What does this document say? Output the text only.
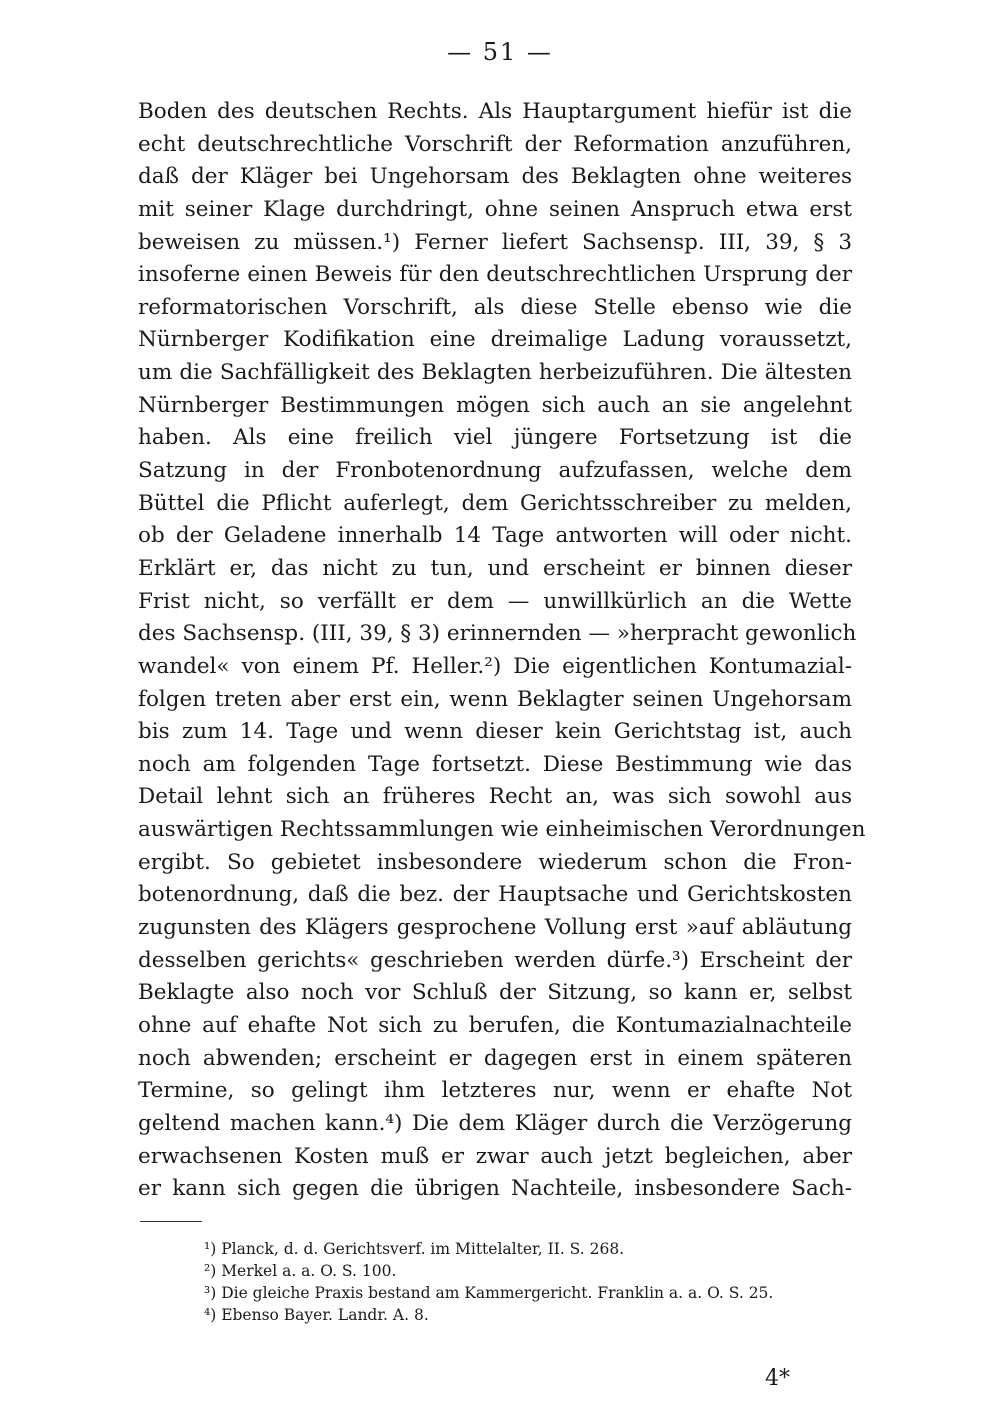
— 51 —
Boden des deutschen Rechts. Als Hauptargument hiefür ist die
echt deutschrechtliche Vorschrift der Reformation anzuführen,
daß der Kläger bei Ungehorsam des Beklagten ohne weiteres
mit seiner Klage durchdringt, ohne seinen Anspruch etwa erst
beweisen zu müssen.¹) Ferner liefert Sachsensp. III, 39, § 3
insoferne einen Beweis für den deutschrechtlichen Ursprung der
reformatorischen Vorschrift, als diese Stelle ebenso wie die
Nürnberger Kodifikation eine dreimalige Ladung voraussetzt,
um die Sachfälligkeit des Beklagten herbeizuführen. Die ältesten
Nürnberger Bestimmungen mögen sich auch an sie angelehnt
haben. Als eine freilich viel jüngere Fortsetzung ist die
Satzung in der Fronbotenordnung aufzufassen, welche dem
Büttel die Pflicht auferlegt, dem Gerichtsschreiber zu melden,
ob der Geladene innerhalb 14 Tage antworten will oder nicht.
Erklärt er, das nicht zu tun, und erscheint er binnen dieser
Frist nicht, so verfällt er dem — unwillkürlich an die Wette
des Sachsensp. (III, 39, § 3) erinnernden — »herpracht gewonlich
wandel« von einem Pf. Heller.²) Die eigentlichen Kontumazial-
folgen treten aber erst ein, wenn Beklagter seinen Ungehorsam
bis zum 14. Tage und wenn dieser kein Gerichtstag ist, auch
noch am folgenden Tage fortsetzt. Diese Bestimmung wie das
Detail lehnt sich an früheres Recht an, was sich sowohl aus
auswärtigen Rechtssammlungen wie einheimischen Verordnungen
ergibt. So gebietet insbesondere wiederum schon die Fron-
botenordnung, daß die bez. der Hauptsache und Gerichtskosten
zugunsten des Klägers gesprochene Vollung erst »auf abläutung
desselben gerichts« geschrieben werden dürfe.³) Erscheint der
Beklagte also noch vor Schluß der Sitzung, so kann er, selbst
ohne auf ehafte Not sich zu berufen, die Kontumazialnachteile
noch abwenden; erscheint er dagegen erst in einem späteren
Termine, so gelingt ihm letzteres nur, wenn er ehafte Not
geltend machen kann.⁴) Die dem Kläger durch die Verzögerung
erwachsenen Kosten muß er zwar auch jetzt begleichen, aber
er kann sich gegen die übrigen Nachteile, insbesondere Sach-
¹) Planck, d. d. Gerichtsverf. im Mittelalter, II. S. 268.
²) Merkel a. a. O. S. 100.
³) Die gleiche Praxis bestand am Kammergericht. Franklin a. a. O. S. 25.
⁴) Ebenso Bayer. Landr. A. 8.
4*
